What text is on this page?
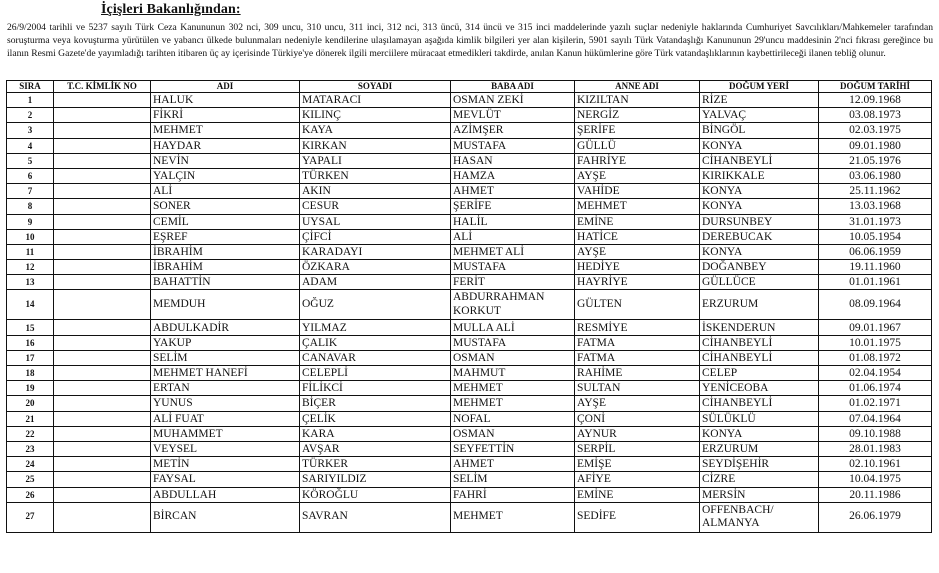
İçişleri Bakanlığından:
26/9/2004 tarihli ve 5237 sayılı Türk Ceza Kanununun 302 nci, 309 uncu, 310 uncu, 311 inci, 312 nci, 313 üncü, 314 üncü ve 315 inci maddelerinde yazılı suçlar nedeniyle haklarında Cumhuriyet Savcılıkları/Mahkemeler tarafından soruşturma veya kovuşturma yürütülen ve yabancı ülkede bulunmaları nedeniyle kendilerine ulaşılamayan aşağıda kimlik bilgileri yer alan kişilerin, 5901 sayılı Türk Vatandaşlığı Kanununun 29'uncu maddesinin 2'nci fıkrası gereğince bu ilanın Resmi Gazete'de yayımladığı tarihten itibaren üç ay içerisinde Türkiye'ye dönerek ilgili merciilere müracaat etmedikleri takdirde, anılan Kanun hükümlerine göre Türk vatandaşlıklarının kaybettirileceği ilanen tebliğ olunur.
SIRA	T.C. KİMLİK NO	ADI	SOYADI	BABA ADI	ANNE ADI	DOĞUM YERİ	DOĞUM TARİHİ
1		HALUK	MATARACI	OSMAN ZEKİ	KIZILTAN	RİZE	12.09.1968
2		FİKRİ	KILINÇ	MEVLÜT	NERGİZ	YALVAÇ	03.08.1973
3		MEHMET	KAYA	AZİMŞER	ŞERİFE	BİNGÖL	02.03.1975
4		HAYDAR	KIRKAN	MUSTAFA	GÜLLÜ	KONYA	09.01.1980
5		NEVİN	YAPALI	HASAN	FAHRİYE	CİHANBEYLİ	21.05.1976
6		YALÇIN	TÜRKEN	HAMZA	AYŞE	KIRIKKALE	03.06.1980
7		ALİ	AKIN	AHMET	VAHİDE	KONYA	25.11.1962
8		SONER	CESUR	ŞERİFE	MEHMET	KONYA	13.03.1968
9		CEMİL	UYSAL	HALİL	EMİNE	DURSUNBEY	31.01.1973
10		EŞREF	ÇİFCİ	ALİ	HATİCE	DEREBUCAK	10.05.1954
11		İBRAHİM	KARADAYI	MEHMET ALİ	AYŞE	KONYA	06.06.1959
12		İBRAHİM	ÖZKARA	MUSTAFA	HEDİYE	DOĞANBEY	19.11.1960
13		BAHATTİN	ADAM	FERİT	HAYRİYE	GÜLLÜCE	01.01.1961
14		MEMDUH	OĞUZ	ABDURRAHMAN KORKUT	GÜLTEN	ERZURUM	08.09.1964
15		ABDULKADİR	YILMAZ	MULLA ALİ	RESMİYE	İSKENDERUN	09.01.1967
16		YAKUP	ÇALIK	MUSTAFA	FATMA	CİHANBEYLİ	10.01.1975
17		SELİM	CANAVAR	OSMAN	FATMA	CİHANBEYLİ	01.08.1972
18		MEHMET HANEFİ	CELEPLİ	MAHMUT	RAHİME	CELEP	02.04.1954
19		ERTAN	FİLİKCİ	MEHMET	SULTAN	YENİCEOBA	01.06.1974
20		YUNUS	BİÇER	MEHMET	AYŞE	CİHANBEYLİ	01.02.1971
21		ALİ FUAT	ÇELİK	NOFAL	ÇONİ	SÜLÜKLÜ	07.04.1964
22		MUHAMMET	KARA	OSMAN	AYNUR	KONYA	09.10.1988
23		VEYSEL	AVŞAR	SEYFETTİN	SERPİL	ERZURUM	28.01.1983
24		METİN	TÜRKER	AHMET	EMİŞE	SEYDİŞEHİR	02.10.1961
25		FAYSAL	SARIYILDIZ	SELİM	AFİYE	CİZRE	10.04.1975
26		ABDULLAH	KÖROĞLU	FAHRİ	EMİNE	MERSİN	20.11.1986
27		BİRCAN	SAVRAN	MEHMET	SEDİFE	OFFENBACH/ ALMANYA	26.06.1979
